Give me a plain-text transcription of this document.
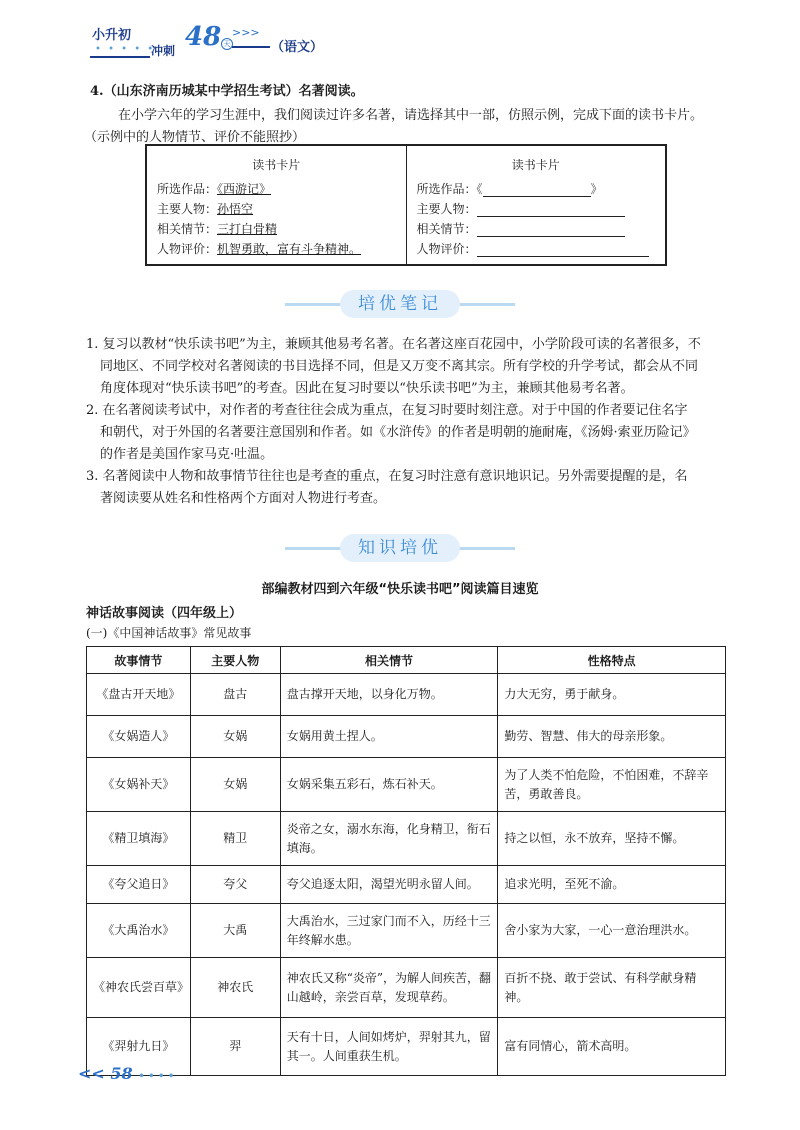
小升初
• • • • •
冲刺 48 天
>>>
（语文）
4.（山东济南历城某中学招生考试）名著阅读。
在小学六年的学习生涯中，我们阅读过许多名著，请选择其中一部，仿照示例，完成下面的读书卡片。
（示例中的人物情节、评价不能照抄）
读书卡片
所选作品：《西游记》
主要人物：孙悟空
相关情节：三打白骨精
人物评价：机智勇敢，富有斗争精神。
读书卡片
所选作品：《	》
主要人物：
相关情节：
人物评价：
培优笔记
1. 复习以教材“快乐读书吧”为主，兼顾其他易考名著。在名著这座百花园中，小学阶段可读的名著很多，不
同地区、不同学校对名著阅读的书目选择不同，但是又万变不离其宗。所有学校的升学考试，都会从不同
角度体现对“快乐读书吧”的考查。因此在复习时要以“快乐读书吧”为主，兼顾其他易考名著。
2. 在名著阅读考试中，对作者的考查往往会成为重点，在复习时要时刻注意。对于中国的作者要记住名字
和朝代，对于外国的名著要注意国别和作者。如《水浒传》的作者是明朝的施耐庵，《汤姆·索亚历险记》
的作者是美国作家马克·吐温。
3. 名著阅读中人物和故事情节往往也是考查的重点，在复习时注意有意识地识记。另外需要提醒的是，名
著阅读要从姓名和性格两个方面对人物进行考查。
知识培优
部编教材四到六年级“快乐读书吧”阅读篇目速览
神话故事阅读（四年级上）
(一)《中国神话故事》常见故事
故事情节	主要人物	相关情节	性格特点
《盘古开天地》	盘古	盘古撑开天地，以身化万物。	力大无穷，勇于献身。
《女娲造人》	女娲	女娲用黄土捏人。	勤劳、智慧、伟大的母亲形象。
《女娲补天》	女娲	女娲采集五彩石，炼石补天。	为了人类不怕危险，不怕困难，不辞辛苦，勇敢善良。
《精卫填海》	精卫	炎帝之女，溺水东海，化身精卫，衔石填海。	持之以恒，永不放弃，坚持不懈。
《夸父追日》	夸父	夸父追逐太阳，渴望光明永留人间。	追求光明，至死不渝。
《大禹治水》	大禹	大禹治水，三过家门而不入，历经十三年终解水患。	舍小家为大家，一心一意治理洪水。
《神农氏尝百草》	神农氏	神农氏又称“炎帝”，为解人间疾苦，翻山越岭，亲尝百草，发现草药。	百折不挠、敢于尝试、有科学献身精神。
《羿射九日》	羿	天有十日，人间如烤炉，羿射其九，留其一。人间重获生机。	富有同情心，箭术高明。
<< 58 • • • •
